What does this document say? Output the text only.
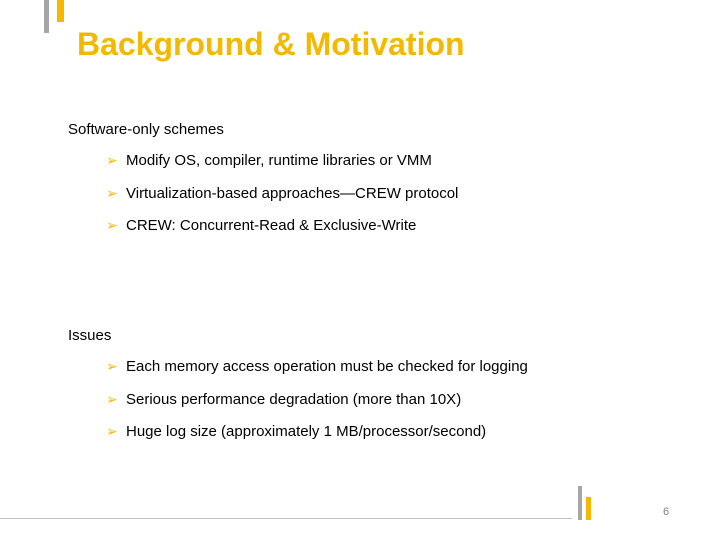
Background & Motivation

Software-only schemes

➢ Modify OS, compiler, runtime libraries or VMM
➢ Virtualization-based approaches—CREW protocol
➢ CREW: Concurrent-Read & Exclusive-Write

Issues

➢ Each memory access operation must be checked for logging
➢ Serious performance degradation (more than 10X)
➢ Huge log size (approximately 1 MB/processor/second)
6
